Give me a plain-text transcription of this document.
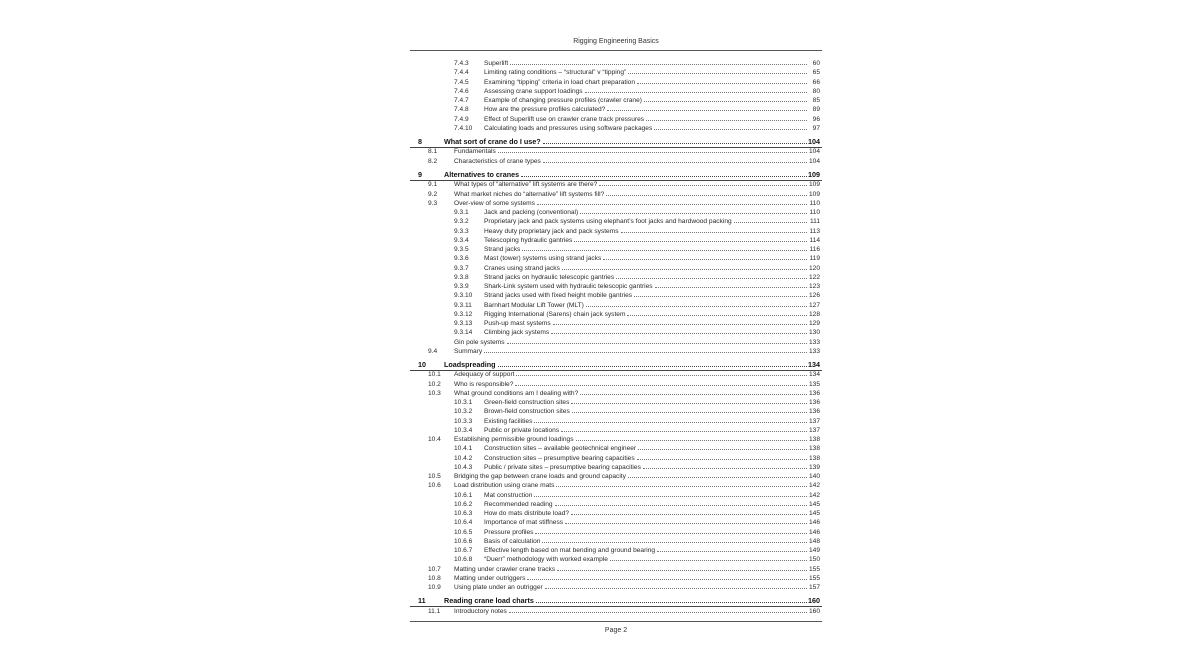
Rigging Engineering Basics
7.4.3 Superlift	60
7.4.4 Limiting rating conditions – “structural” v “tipping”	65
7.4.5 Examining “tipping” criteria in load chart preparation	66
7.4.6 Assessing crane support loadings	80
7.4.7 Example of changing pressure profiles (crawler crane)	85
7.4.8 How are the pressure profiles calculated?	89
7.4.9 Effect of Superlift use on crawler crane track pressures	96
7.4.10 Calculating loads and pressures using software packages	97
8	What sort of crane do I use?	104
8.1	Fundamentals	104
8.2	Characteristics of crane types	104
9	Alternatives to cranes	109
9.1	What types of “alternative” lift systems are there?	109
9.2	What market niches do “alternative” lift systems fill?	109
9.3	Over-view of some systems	110
9.3.1 Jack and packing (conventional)	110
9.3.2 Proprietary jack and pack systems using elephant’s foot jacks and hardwood packing	111
9.3.3 Heavy duty proprietary jack and pack systems	113
9.3.4 Telescoping hydraulic gantries	114
9.3.5 Strand jacks	116
9.3.6 Mast (tower) systems using strand jacks	119
9.3.7 Cranes using strand jacks	120
9.3.8 Strand jacks on hydraulic telescopic gantries	122
9.3.9 Shark-Link system used with hydraulic telescopic gantries	123
9.3.10 Strand jacks used with fixed height mobile gantries	126
9.3.11 Barnhart Modular Lift Tower (MLT)	127
9.3.12 Rigging International (Sarens) chain jack system	128
9.3.13 Push-up mast systems	129
9.3.14 Climbing jack systems	130
Gin pole systems	133
9.4	Summary	133
10	Loadspreading	134
10.1 Adequacy of support	134
10.2 Who is responsible?	135
10.3 What ground conditions am I dealing with?	136
10.3.1 Green-field construction sites	136
10.3.2 Brown-field construction sites	136
10.3.3 Existing facilities	137
10.3.4 Public or private locations	137
10.4 Establishing permissible ground loadings	138
10.4.1 Construction sites – available geotechnical engineer	138
10.4.2 Construction sites – presumptive bearing capacities	138
10.4.3 Public / private sites – presumptive bearing capacities	139
10.5 Bridging the gap between crane loads and ground capacity	140
10.6 Load distribution using crane mats	142
10.6.1 Mat construction	142
10.6.2 Recommended reading	145
10.6.3 How do mats distribute load?	145
10.6.4 Importance of mat stiffness	146
10.6.5 Pressure profiles	146
10.6.6 Basis of calculation	148
10.6.7 Effective length based on mat bending and ground bearing	149
10.6.8 “Duerr” methodology with worked example	150
10.7 Matting under crawler crane tracks	155
10.8 Matting under outriggers	155
10.9 Using plate under an outrigger	157
11	Reading crane load charts	160
11.1 Introductory notes	160
Page 2
